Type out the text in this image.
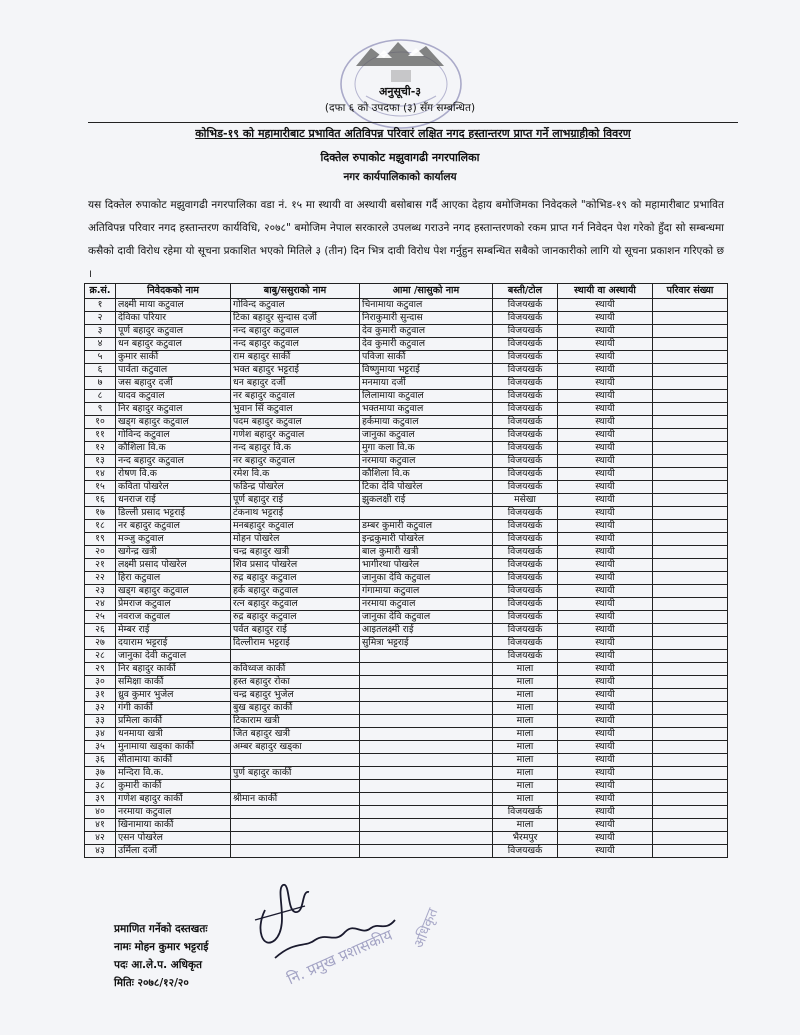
अनुसूची-३
(दफा ६ को उपदफा (३) सँग सम्बन्धित)
कोभिड-१९ को महामारीबाट प्रभावित अतिविपन्न परिवारं लक्षित नगद हस्तान्तरण प्राप्त गर्ने लाभग्राहीको विवरण
दिक्तेल रुपाकोट मझुवागढी नगरपालिका
नगर कार्यपालिकाको कार्यालय
यस दिक्तेल रुपाकोट मझुवागढी नगरपालिका वडा नं. १५ मा स्थायी वा अस्थायी बसोबास गर्दै आएका देहाय बमोजिमका निवेदकले "कोभिड-१९ को महामारीबाट प्रभावित अतिविपन्न परिवार नगद हस्तान्तरण कार्यविधि, २०७८" बमोजिम नेपाल सरकारले उपलब्ध गराउने नगद हस्तान्तरणको रकम प्राप्त गर्न निवेदन पेश गरेको हुँदा सो सम्बन्धमा कसैको दावी विरोध रहेमा यो सूचना प्रकाशित भएको मितिले ३ (तीन) दिन भित्र दावी विरोध पेश गर्नुहुन सम्बन्धित सबैको जानकारीको लागि यो सूचना प्रकाशन गरिएको छ ।
क्र.सं.	निवेदकको नाम	बाबु/ससुराको नाम	आमा /सासुको नाम	बस्ती/टोल	स्थायी वा अस्थायी	परिवार संख्या
१	लक्ष्मी माया कटुवाल	गोविन्द कटुवाल	चिनामाया कटुवाल	विजयखर्क	स्थायी	
२	देविका परियार	टिका बहादुर सुन्दास दर्जी	निराकुमारी सुन्दास	विजयखर्क	स्थायी	
३	पूर्ण बहादुर कटुवाल	नन्द बहादुर कटुवाल	देव कुमारी कटुवाल	विजयखर्क	स्थायी	
४	धन बहादुर कटुवाल	नन्द बहादुर कटुवाल	देव कुमारी कटुवाल	विजयखर्क	स्थायी	
५	कुमार सार्की	राम बहादुर सार्की	पविजा सार्की	विजयखर्क	स्थायी	
६	पार्वता कटुवाल	भक्त बहादुर भट्टराई	विष्णुमाया भट्टराई	विजयखर्क	स्थायी	
७	जस बहादुर दर्जी	धन बहादुर दर्जी	मनमाया दर्जी	विजयखर्क	स्थायी	
८	यादव कटुवाल	नर बहादुर कटुवाल	लिलामाया कटुवाल	विजयखर्क	स्थायी	
९	निर बहादुर कटुवाल	भुवान सिं कटुवाल	भक्तमाया कटुवाल	विजयखर्क	स्थायी	
१०	खड्ग बहादुर कटुवाल	पदम बहादुर कटुवाल	हर्कमाया कटुवाल	विजयखर्क	स्थायी	
११	गोविन्द कटुवाल	गणेश बहादुर कटुवाल	जानुका कटुवाल	विजयखर्क	स्थायी	
१२	कौशिला वि.क	नन्द बहादुर वि.क	मुगा कला वि.क	विजयखर्क	स्थायी	
१३	नन्द बहादुर कटुवाल	नर बहादुर कटुवाल	नरमाया कटुवाल	विजयखर्क	स्थायी	
१४	रोषण वि.क	रमेश वि.क	कौशिला वि.क	विजयखर्क	स्थायी	
१५	कविता पोखरेल	फडिन्द्र पोखरेल	टिका देवि पोखरेल	विजयखर्क	स्थायी	
१६	धनराज राई	पूर्ण बहादुर राई	झुकलक्षी राई	मसेखा	स्थायी	
१७	डिल्ली प्रसाद भट्टराई	टंकनाथ भट्टराई		विजयखर्क	स्थायी	
१८	नर बहादुर कटुवाल	मनबहादुर कटुवाल	डम्बर कुमारी कटुवाल	विजयखर्क	स्थायी	
१९	मञ्जु कटुवाल	मोहन पोखरेल	इन्द्रकुमारी पोखरेल	विजयखर्क	स्थायी	
२०	खगेन्द्र खत्री	चन्द्र बहादुर खत्री	बाल कुमारी खत्री	विजयखर्क	स्थायी	
२१	लक्ष्मी प्रसाद पोखरेल	शिव प्रसाद पोखरेल	भागीरथा पोखरेल	विजयखर्क	स्थायी	
२२	हिरा कटुवाल	रुद्र बहादुर कटुवाल	जानुका देवि कटुवाल	विजयखर्क	स्थायी	
२३	खड्ग बहादुर कटुवाल	हर्क बहादुर कटुवाल	गंगामाया कटुवाल	विजयखर्क	स्थायी	
२४	प्रेमराज कटुवाल	रत्न बहादुर कटुवाल	नरमाया कटुवाल	विजयखर्क	स्थायी	
२५	नवराज कटुवाल	रुद्र बहादुर कटुवाल	जानुका देवि कटुवाल	विजयखर्क	स्थायी	
२६	मेम्बर राई	पर्वत बहादुर राई	आइतलक्ष्मी राई	विजयखर्क	स्थायी	
२७	दयाराम भट्टराई	दिल्लीराम भट्टराई	सुमित्रा भट्टराई	विजयखर्क	स्थायी	
२८	जानुका देवी कटुवाल			विजयखर्क	स्थायी	
२९	निर बहादुर कार्की	कविध्वज कार्की		माला	स्थायी	
३०	समिक्षा कार्की	हस्त बहादुर रोका		माला	स्थायी	
३१	ध्रुव कुमार भुजेल	चन्द्र बहादुर भुजेल		माला	स्थायी	
३२	गंगी कार्की	बुख बहादुर कार्की		माला	स्थायी	
३३	प्रमिला कार्की	टिकाराम खत्री		माला	स्थायी	
३४	धनमाया खत्री	जित बहादुर खत्री		माला	स्थायी	
३५	मुनामाया खड्का कार्की	अम्बर बहादुर खड्का		माला	स्थायी	
३६	सीतामाया कार्की			माला	स्थायी	
३७	मन्दिरा वि.क.	पुर्ण बहादुर कार्की		माला	स्थायी	
३८	कुमारी कार्की			माला	स्थायी	
३९	गणेश बहादुर कार्की	श्रीमान कार्की		माला	स्थायी	
४०	नरमाया कटुवाल			विजयखर्क	स्थायी	
४१	खिनामाया कार्की			माला	स्थायी	
४२	एसन पोखरेल			भैरमपुर	स्थायी	
४३	उर्मिला दर्जी			विजयखर्क	स्थायी	
प्रमाणित गर्नेको दस्तखतः
नामः मोहन कुमार भट्टराई
पदः आ.ले.प. अधिकृत
मितिः २०७८/१२/२०	नि. प्रमुख प्रशासकीय अधिकृत
